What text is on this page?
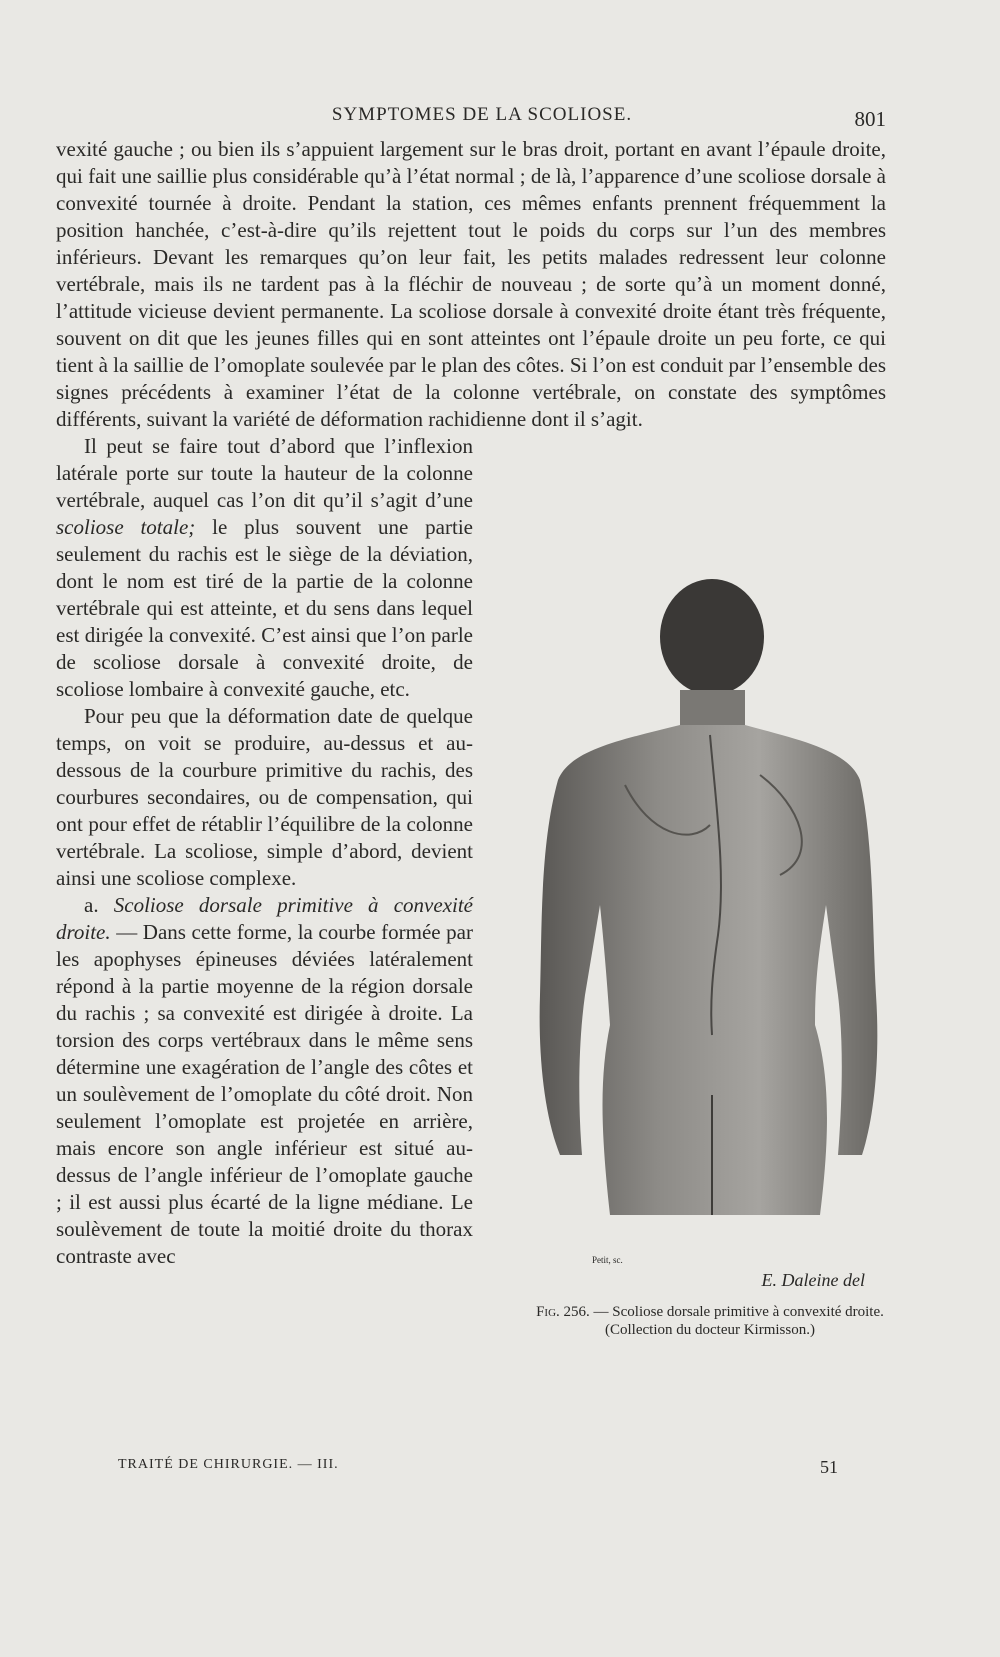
SYMPTOMES DE LA SCOLIOSE.	801

vexité gauche ; ou bien ils s’appuient largement sur le bras droit, portant en avant l’épaule droite, qui fait une saillie plus considérable qu’à l’état normal ; de là, l’apparence d’une scoliose dorsale à convexité tournée à droite. Pendant la station, ces mêmes enfants prennent fréquemment la position hanchée, c’est-à-dire qu’ils rejettent tout le poids du corps sur l’un des membres inférieurs. Devant les remarques qu’on leur fait, les petits malades redressent leur colonne vertébrale, mais ils ne tardent pas à la fléchir de nouveau ; de sorte qu’à un moment donné, l’attitude vicieuse devient permanente. La scoliose dorsale à convexité droite étant très fréquente, souvent on dit que les jeunes filles qui en sont atteintes ont l’épaule droite un peu forte, ce qui tient à la saillie de l’omoplate soulevée par le plan des côtes. Si l’on est conduit par l’ensemble des signes précédents à examiner l’état de la colonne vertébrale, on constate des symptômes différents, suivant la variété de déformation rachidienne dont il s’agit.

Il peut se faire tout d’abord que l’inflexion latérale porte sur toute la hauteur de la colonne vertébrale, auquel cas l’on dit qu’il s’agit d’une scoliose totale; le plus souvent une partie seulement du rachis est le siège de la déviation, dont le nom est tiré de la partie de la colonne vertébrale qui est atteinte, et du sens dans lequel est dirigée la convexité. C’est ainsi que l’on parle de scoliose dorsale à convexité droite, de scoliose lombaire à convexité gauche, etc.

Pour peu que la déformation date de quelque temps, on voit se produire, au-dessus et au-dessous de la courbure primitive du rachis, des courbures secondaires, ou de compensation, qui ont pour effet de rétablir l’équilibre de la colonne vertébrale. La scoliose, simple d’abord, devient ainsi une scoliose complexe.

a. Scoliose dorsale primitive à convexité droite. — Dans cette forme, la courbe formée par les apophyses épineuses déviées latéralement répond à la partie moyenne de la région dorsale du rachis ; sa convexité est dirigée à droite. La torsion des corps vertébraux dans le même sens détermine une exagération de l’angle des côtes et un soulèvement de l’omoplate du côté droit. Non seulement l’omoplate est projetée en arrière, mais encore son angle inférieur est situé au-dessus de l’angle inférieur de l’omoplate gauche ; il est aussi plus écarté de la ligne médiane. Le soulèvement de toute la moitié droite du thorax contraste avec	Petit, sc.
E. Daleine del
Fig. 256. — Scoliose dorsale primitive à convexité droite.
(Collection du docteur Kirmisson.)
TRAITÉ DE CHIRURGIE. — III.	51
